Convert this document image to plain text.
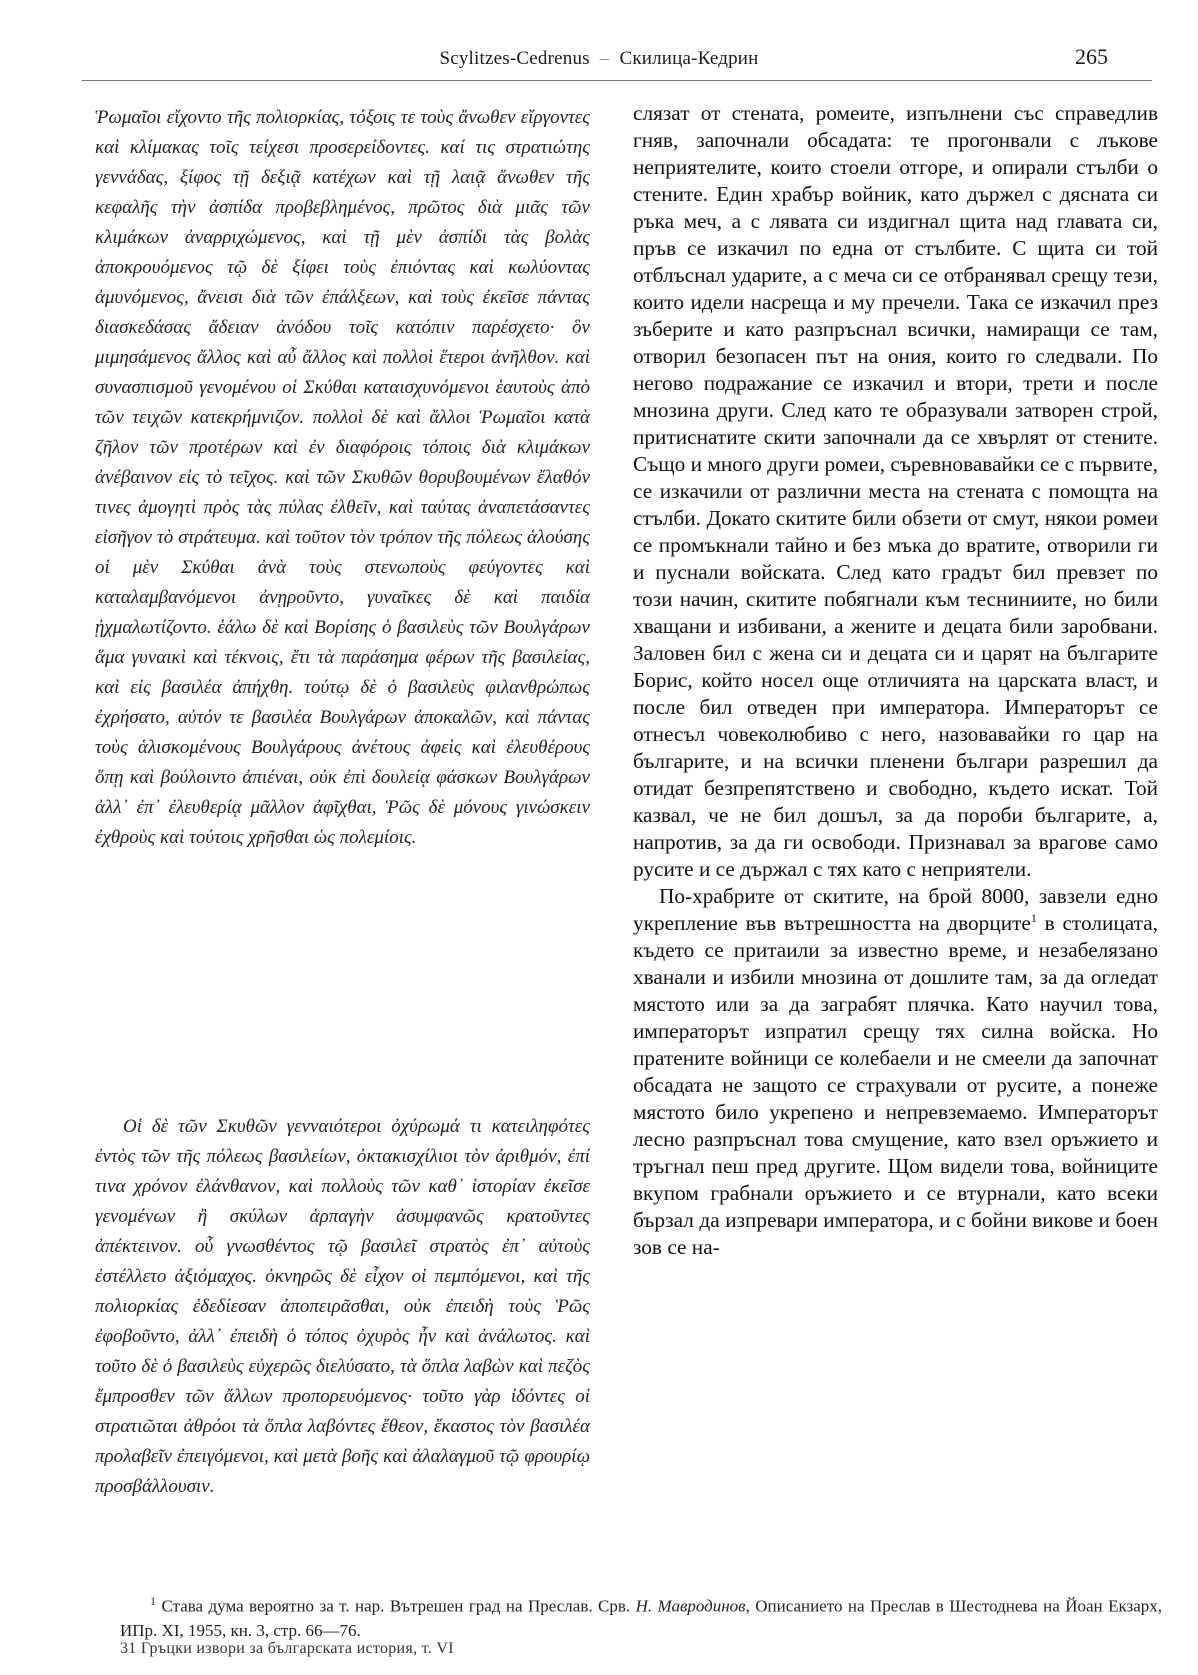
Scylitzes-Cedrenus – Скилица-Кедрин	265

Ῥωμαῖοι εἴχοντο τῆς πολιορκίας, τόξοις τε τοὺς ἄνωθεν εἴργοντες καὶ κλίμακας τοῖς τείχεσι προσερείδοντες. καί τις στρατιώτης γεννάδας, ξίφος τῇ δεξιᾷ κατέχων καὶ τῇ λαιᾷ ἄνωθεν τῆς κεφαλῆς τὴν ἀσπίδα προβεβλημένος, πρῶτος διὰ μιᾶς τῶν κλιμάκων ἀναρριχώμενος, καὶ τῇ μὲν ἀσπίδι τὰς βολὰς ἀποκρουόμενος τῷ δὲ ξίφει τοὺς ἐπιόντας καὶ κωλύοντας ἀμυνόμενος, ἄνεισι διὰ τῶν ἐπάλξεων, καὶ τοὺς ἐκεῖσε πάντας διασκεδάσας ἄδειαν ἀνόδου τοῖς κατόπιν παρέσχετο· ὃν μιμησάμενος ἄλλος καὶ αὖ ἄλλος καὶ πολλοὶ ἕτεροι ἀνῆλθον. καὶ συνασπισμοῦ γενομένου οἱ Σκύθαι καταισχυνόμενοι ἑαυτοὺς ἀπὸ τῶν τειχῶν κατεκρήμνιζον. πολλοὶ δὲ καὶ ἄλλοι Ῥωμαῖοι κατὰ ζῆλον τῶν προτέρων καὶ ἐν διαφόροις τόποις διὰ κλιμάκων ἀνέβαινον εἰς τὸ τεῖχος. καὶ τῶν Σκυθῶν θορυβουμένων ἔλαθόν τινες ἀμογητὶ πρὸς τὰς πύλας ἐλθεῖν, καὶ ταύτας ἀναπετάσαντες εἰσῆγον τὸ στράτευμα. καὶ τοῦτον τὸν τρόπον τῆς πόλεως ἁλούσης οἱ μὲν Σκύθαι ἀνὰ τοὺς στενωποὺς φεύγοντες καὶ καταλαμβανόμενοι ἀνῃροῦντο, γυναῖκες δὲ καὶ παιδία ᾐχμαλωτίζοντο. ἑάλω δὲ καὶ Βορίσης ὁ βασιλεὺς τῶν Βουλγάρων ἅμα γυναικὶ καὶ τέκνοις, ἔτι τὰ παράσημα φέρων τῆς βασιλείας, καὶ εἰς βασιλέα ἀπήχθη. τούτῳ δὲ ὁ βασιλεὺς φιλανθρώπως ἐχρήσατο, αὐτόν τε βασιλέα Βουλγάρων ἀποκαλῶν, καὶ πάντας τοὺς ἁλισκομένους Βουλγάρους ἀνέτους ἀφεὶς καὶ ἐλευθέρους ὅπῃ καὶ βούλοιντο ἀπιέναι, οὐκ ἐπὶ δουλείᾳ φάσκων Βουλγάρων ἀλλ᾽ ἐπ᾽ ἐλευθερίᾳ μᾶλλον ἀφῖχθαι, Ῥῶς δὲ μόνους γινώσκειν ἐχθροὺς καὶ τούτοις χρῆσθαι ὡς πολεμίοις.

Οἱ δὲ τῶν Σκυθῶν γενναιότεροι ὀχύρωμά τι κατειληφότες ἐντὸς τῶν τῆς πόλεως βασιλείων, ὀκτακισχίλιοι τὸν ἀριθμόν, ἐπί τινα χρόνον ἐλάνθανον, καὶ πολλοὺς τῶν καθ᾽ ἱστορίαν ἐκεῖσε γενομένων ἢ σκύλων ἁρπαγὴν ἀσυμφανῶς κρατοῦντες ἀπέκτεινον. οὗ γνωσθέντος τῷ βασιλεῖ στρατὸς ἐπ᾽ αὐτοὺς ἐστέλλετο ἀξιόμαχος. ὀκνηρῶς δὲ εἶχον οἱ πεμπόμενοι, καὶ τῆς πολιορκίας ἐδεδίεσαν ἀποπειρᾶσθαι, οὐκ ἐπειδὴ τοὺς Ῥῶς ἐφοβοῦντο, ἀλλ᾽ ἐπειδὴ ὁ τόπος ὀχυρὸς ἦν καὶ ἀνάλωτος. καὶ τοῦτο δὲ ὁ βασιλεὺς εὐχερῶς διελύσατο, τὰ ὅπλα λαβὼν καὶ πεζὸς ἔμπροσθεν τῶν ἄλλων προπορευόμενος· τοῦτο γὰρ ἰδόντες οἱ στρατιῶται ἀθρόοι τὰ ὅπλα λαβόντες ἔθεον, ἕκαστος τὸν βασιλέα προλαβεῖν ἐπειγόμενοι, καὶ μετὰ βοῆς καὶ ἀλαλαγμοῦ τῷ φρουρίῳ προσβάλλουσιν.

слязат от стената, ромеите, изпълнени със справедлив гняв, започнали обсадата: те прогонвали с лъкове неприятелите, които стоели отгоре, и опирали стълби о стените. Един храбър войник, като държел с дясната си ръка меч, а с лявата си издигнал щита над главата си, пръв се изкачил по една от стълбите. С щита си той отблъснал ударите, а с меча си се отбранявал срещу тези, които идели насреща и му пречели. Така се изкачил през зъберите и като разпръснал всички, намиращи се там, отворил безопасен път на ония, които го следвали. По негово подражание се изкачил и втори, трети и после мнозина други. След като те образували затворен строй, притиснатите скити започнали да се хвърлят от стените. Също и много други ромеи, съревновавайки се с първите, се изкачили от различни места на стената с помощта на стълби. Докато скитите били обзети от смут, някои ромеи се промъкнали тайно и без мъка до вратите, отворили ги и пуснали войската. След като градът бил превзет по този начин, скитите побягнали към тесниниите, но били хващани и избивани, а жените и децата били заробвани. Заловен бил с жена си и децата си и царят на българите Борис, който носел още отличията на царската власт, и после бил отведен при императора. Императорът се отнесъл човеколюбиво с него, назовавайки го цар на българите, и на всички пленени българи разрешил да отидат безпрепятствено и свободно, където искат. Той казвал, че не бил дошъл, за да пороби българите, а, напротив, за да ги освободи. Признавал за врагове само русите и се държал с тях като с неприятели.

По-храбрите от скитите, на брой 8000, завзели едно укрепление във вътрешността на дворците$^1$ в столицата, където се притаили за известно време, и незабелязано хванали и избили мнозина от дошлите там, за да огледат мястото или за да заграбят плячка. Като научил това, императорът изпратил срещу тях силна войска. Но пратените войници се колебаели и не смеели да започнат обсадата не защото се страхували от русите, а понеже мястото било укрепено и непревземаемо. Императорът лесно разпръснал това смущение, като взел оръжието и тръгнал пеш пред другите. Щом видели това, войниците вкупом грабнали оръжието и се втурнали, като всеки бързал да изпревари императора, и с бойни викове и боен зов се на-

$^1$ Става дума вероятно за т. нар. Вътрешен град на Преслав. Срв. Н. Мавродинов, Описанието на Преслав в Шестоднева на Йоан Екзарх, ИПр. XI, 1955, кн. 3, стр. 66—76.
31 Гръцки извори за българската история, т. VI
